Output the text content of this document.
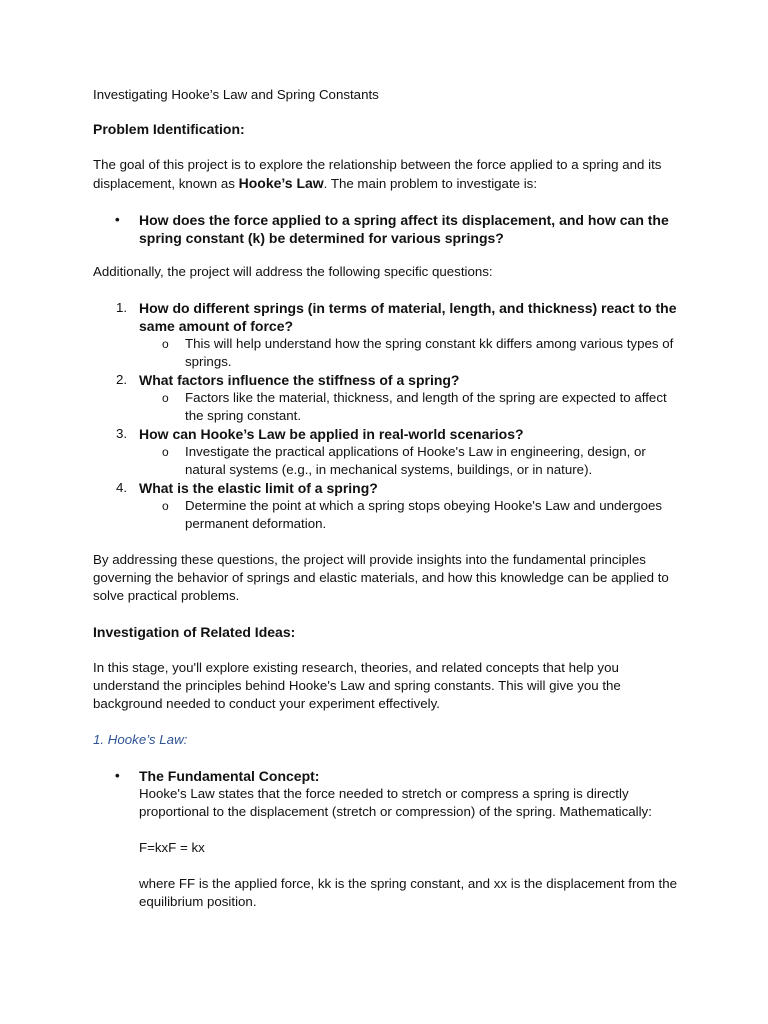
Investigating Hooke’s Law and Spring Constants

Problem Identification:

The goal of this project is to explore the relationship between the force applied to a spring and its displacement, known as Hooke’s Law. The main problem to investigate is:

• How does the force applied to a spring affect its displacement, and how can the spring constant (k) be determined for various springs?

Additionally, the project will address the following specific questions:

1. How do different springs (in terms of material, length, and thickness) react to the same amount of force?
o This will help understand how the spring constant kk differs among various types of springs.
2. What factors influence the stiffness of a spring?
o Factors like the material, thickness, and length of the spring are expected to affect the spring constant.
3. How can Hooke’s Law be applied in real-world scenarios?
o Investigate the practical applications of Hooke's Law in engineering, design, or natural systems (e.g., in mechanical systems, buildings, or in nature).
4. What is the elastic limit of a spring?
o Determine the point at which a spring stops obeying Hooke's Law and undergoes permanent deformation.

By addressing these questions, the project will provide insights into the fundamental principles governing the behavior of springs and elastic materials, and how this knowledge can be applied to solve practical problems.

Investigation of Related Ideas:

In this stage, you'll explore existing research, theories, and related concepts that help you understand the principles behind Hooke's Law and spring constants. This will give you the background needed to conduct your experiment effectively.

1. Hooke’s Law:

• The Fundamental Concept:
Hooke's Law states that the force needed to stretch or compress a spring is directly proportional to the displacement (stretch or compression) of the spring. Mathematically:
F=kxF = kx
where FF is the applied force, kk is the spring constant, and xx is the displacement from the equilibrium position.
